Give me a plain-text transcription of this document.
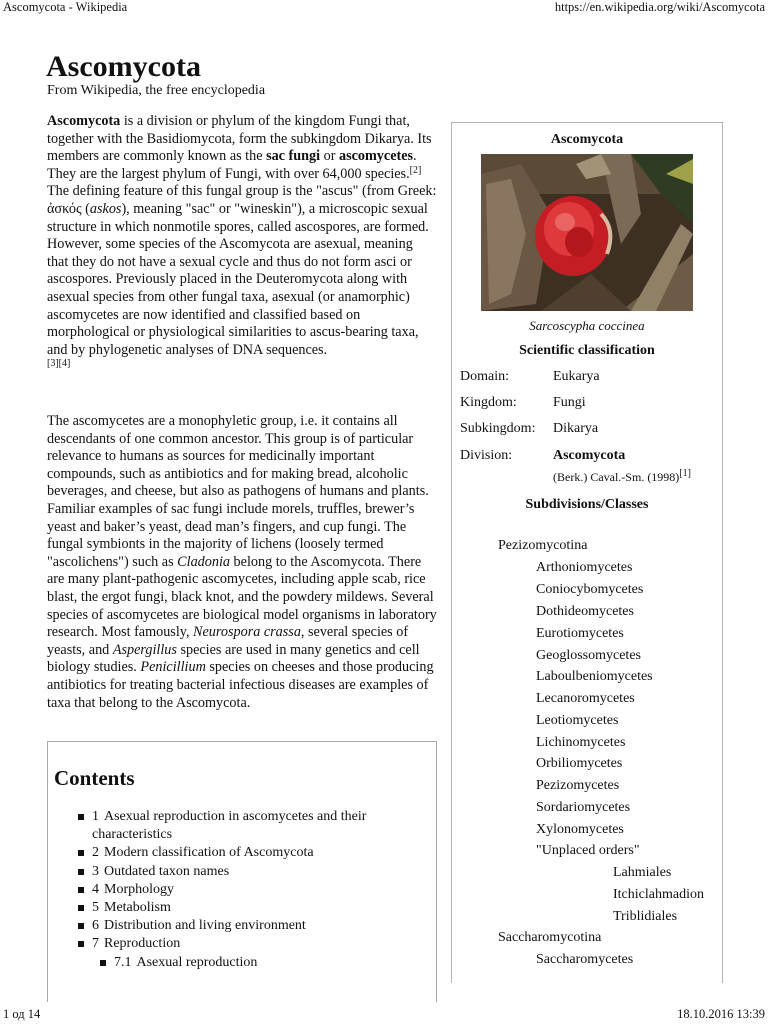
Ascomycota - Wikipedia	https://en.wikipedia.org/wiki/Ascomycota
1 од 14	18.10.2016 13:39
Ascomycota
From Wikipedia, the free encyclopedia

Ascomycota is a division or phylum of the kingdom Fungi that, together with the Basidiomycota, form the subkingdom Dikarya. Its members are commonly known as the sac fungi or ascomycetes. They are the largest phylum of Fungi, with over 64,000 species.[2] The defining feature of this fungal group is the "ascus" (from Greek: ἀσκός (askos), meaning "sac" or "wineskin"), a microscopic sexual structure in which nonmotile spores, called ascospores, are formed. However, some species of the Ascomycota are asexual, meaning that they do not have a sexual cycle and thus do not form asci or ascospores. Previously placed in the Deuteromycota along with asexual species from other fungal taxa, asexual (or anamorphic) ascomycetes are now identified and classified based on morphological or physiological similarities to ascus-bearing taxa, and by phylogenetic analyses of DNA sequences.
[3][4]

The ascomycetes are a monophyletic group, i.e. it contains all descendants of one common ancestor. This group is of particular relevance to humans as sources for medicinally important compounds, such as antibiotics and for making bread, alcoholic beverages, and cheese, but also as pathogens of humans and plants. Familiar examples of sac fungi include morels, truffles, brewer’s yeast and baker’s yeast, dead man’s fingers, and cup fungi. The fungal symbionts in the majority of lichens (loosely termed "ascolichens") such as Cladonia belong to the Ascomycota. There are many plant-pathogenic ascomycetes, including apple scab, rice blast, the ergot fungi, black knot, and the powdery mildews. Several species of ascomycetes are biological model organisms in laboratory research. Most famously, Neurospora crassa, several species of yeasts, and Aspergillus species are used in many genetics and cell biology studies. Penicillium species on cheeses and those producing antibiotics for treating bacterial infectious diseases are examples of taxa that belong to the Ascomycota.

Contents
1 Asexual reproduction in ascomycetes and their characteristics
2 Modern classification of Ascomycota
3 Outdated taxon names
4 Morphology
5 Metabolism
6 Distribution and living environment
7 Reproduction
7.1 Asexual reproduction
Ascomycota
Sarcoscypha coccinea
Scientific classification
Domain:	Eukarya
Kingdom:	Fungi
Subkingdom: Dikarya
Division:	Ascomycota
(Berk.) Caval.-Sm. (1998)[1]
Subdivisions/Classes
Pezizomycotina
Arthoniomycetes
Coniocybomycetes
Dothideomycetes
Eurotiomycetes
Geoglossomycetes
Laboulbeniomycetes
Lecanoromycetes
Leotiomycetes
Lichinomycetes
Orbiliomycetes
Pezizomycetes
Sordariomycetes
Xylonomycetes
"Unplaced orders"
Lahmiales
Itchiclahmadion
Triblidiales
Saccharomycotina
Saccharomycetes
